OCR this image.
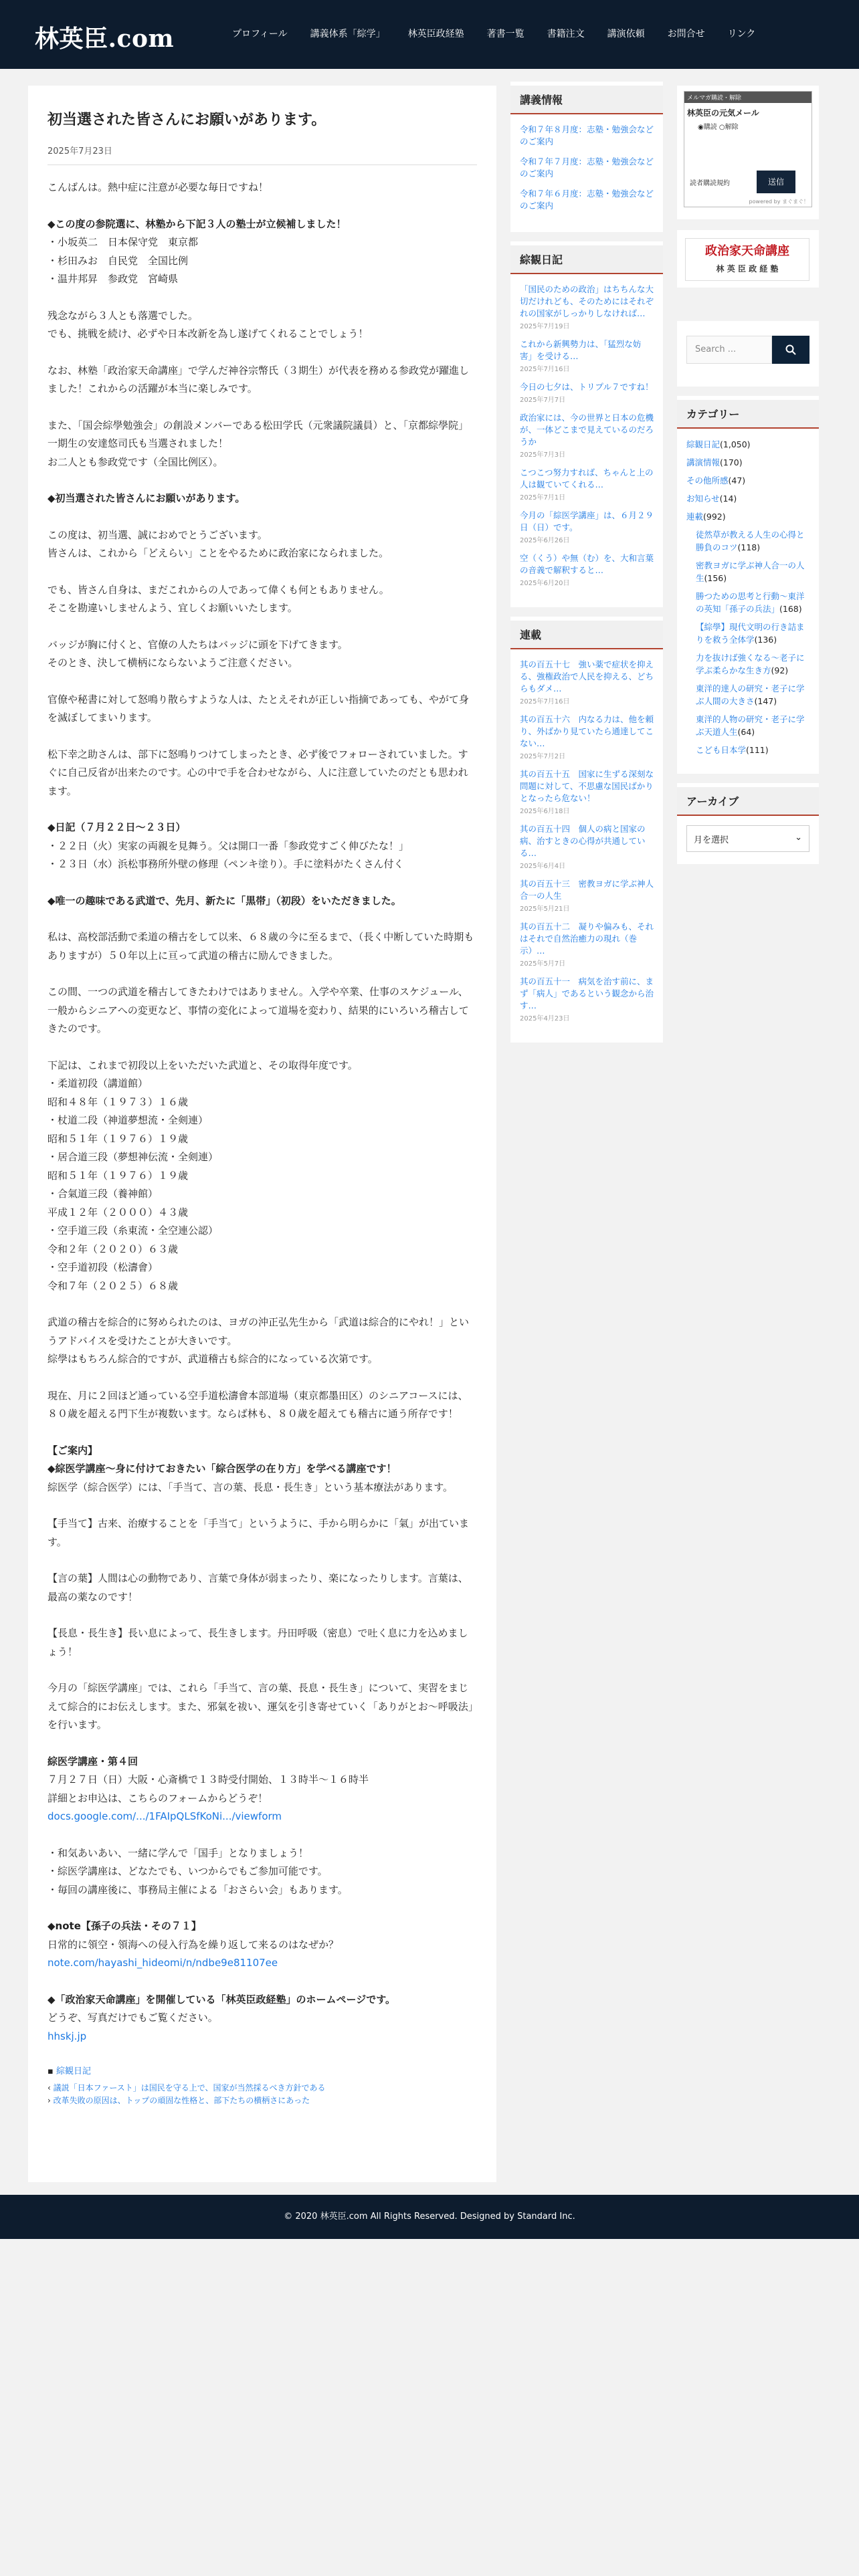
林英臣.com	プロフィール	講義体系「綜学」	林英臣政経塾	著書一覧	書籍注文	講演依頼	お問合せ	リンク
初当選された皆さんにお願いがあります。
2025年7月23日

こんばんは。熱中症に注意が必要な毎日ですね！

◆この度の参院選に、林塾から下記３人の塾士が立候補しました！
・小坂英二　日本保守党　東京都
・杉田みお　自民党　全国比例
・温井邦昇　参政党　宮崎県

残念ながら３人とも落選でした。
でも、挑戦を続け、必ずや日本改新を為し遂げてくれることでしょう！

なお、林塾「政治家天命講座」で学んだ神谷宗幣氏（３期生）が代表を務める参政党が躍進しました！これからの活躍が本当に楽しみです。

また、「国会綜學勉強会」の創設メンバーである松田学氏（元衆議院議員）と、「京都綜學院」一期生の安達悠司氏も当選されました！
お二人とも参政党です（全国比例区）。

◆初当選された皆さんにお願いがあります。

この度は、初当選、誠におめでとうございます。
皆さんは、これから「どえらい」ことをやるために政治家になられました。

でも、皆さん自身は、まだこれからの人であって偉くも何ともありません。
そこを勘違いしませんよう、宜しくお願いいたします。

バッジが胸に付くと、官僚の人たちはバッジに頭を下げてきます。
そのとき、決して横柄にならないようご注意ください。

官僚や秘書に対して怒鳴り散らすような人は、たとえそれが正しい指摘であっても、やがて身を滅ぼしてまいります。

松下幸之助さんは、部下に怒鳴りつけてしまったとき、必ず後でフォローされていました。すぐに自己反省が出来たのです。心の中で手を合わせながら、人に注意していたのだとも思われます。

◆日記（７月２２日〜２３日）
・２２日（火）実家の両親を見舞う。父は開口一番「参政党すごく伸びたな！」
・２３日（水）浜松事務所外壁の修理（ペンキ塗り）。手に塗料がたくさん付く

◆唯一の趣味である武道で、先月、新たに「黒帯」（初段）をいただきました。

私は、高校部活動で柔道の稽古をして以来、６８歳の今に至るまで、（長く中断していた時期もありますが）５０年以上に亘って武道の稽古に励んできました。

この間、一つの武道を稽古してきたわけではありません。入学や卒業、仕事のスケジュール、一般からシニアへの変更など、事情の変化によって道場を変わり、結果的にいろいろ稽古してきたのです。

下記は、これまで初段以上をいただいた武道と、その取得年度です。
・柔道初段（講道館）
昭和４８年（１９７３）１６歳
・杖道二段（神道夢想流・全剣連）
昭和５１年（１９７６）１９歳
・居合道三段（夢想神伝流・全剣連）
昭和５１年（１９７６）１９歳
・合氣道三段（養神館）
平成１２年（２０００）４３歳
・空手道三段（糸東流・全空連公認）
令和２年（２０２０）６３歳
・空手道初段（松濤會）
令和７年（２０２５）６８歳

武道の稽古を綜合的に努められたのは、ヨガの沖正弘先生から「武道は綜合的にやれ！」というアドバイスを受けたことが大きいです。
綜學はもちろん綜合的ですが、武道稽古も綜合的になっている次第です。

現在、月に２回ほど通っている空手道松濤會本部道場（東京都墨田区）のシニアコースには、８０歳を超える門下生が複数います。ならば林も、８０歳を超えても稽古に通う所存です！

【ご案内】
◆綜医学講座〜身に付けておきたい「綜合医学の在り方」を学べる講座です！
綜医学（綜合医学）には、「手当て、言の葉、長息・長生き」という基本療法があります。

【手当て】古来、治療することを「手当て」というように、手から明らかに「氣」が出ています。

【言の葉】人間は心の動物であり、言葉で身体が弱まったり、楽になったりします。言葉は、最高の薬なのです！

【長息・長生き】長い息によって、長生きします。丹田呼吸（密息）で吐く息に力を込めましょう！

今月の「綜医学講座」では、これら「手当て、言の葉、長息・長生き」について、実習をまじえて綜合的にお伝えします。また、邪氣を祓い、運気を引き寄せていく「ありがとお〜呼吸法」を行います。

綜医学講座・第４回
７月２７日（日）大阪・心斎橋で１３時受付開始、１３時半〜１６時半
詳細とお申込は、こちらのフォームからどうぞ！
docs.google.com/.../1FAIpQLSfKoNi.../viewform

・和気あいあい、一緒に学んで「国手」となりましょう！
・綜医学講座は、どなたでも、いつからでもご参加可能です。
・毎回の講座後に、事務局主催による「おさらい会」もあります。

◆note【孫子の兵法・その７１】
日常的に領空・領海への侵入行為を繰り返して来るのはなぜか？
note.com/hayashi_hideomi/n/ndbe9e81107ee

◆「政治家天命講座」を開催している「林英臣政経塾」のホームページです。
どうぞ、写真だけでもご覧ください。
hhskj.jp

▪ 綜観日記
‹ 議説「日本ファースト」は国民を守る上で、国家が当然採るべき方針である
› 改革失敗の原因は、トップの頑固な性格と、部下たちの横柄さにあった
講義情報
令和７年８月度：志塾・勉強会などのご案内
令和７年７月度：志塾・勉強会などのご案内
令和７年６月度：志塾・勉強会などのご案内
綜観日記
「国民のための政治」はちちんな大切だけれども、そのためにはそれぞれの国家がしっかりしなければ…
2025年7月19日
これから新興勢力は、「猛烈な妨害」を受ける…
2025年7月16日
今日の七夕は、トリプル７ですね！
2025年7月7日
政治家には、今の世界と日本の危機が、一体どこまで見えているのだろうか
2025年7月3日
こつこつ努力すれば、ちゃんと上の人は観ていてくれる…
2025年7月1日
今月の「綜医学講座」は、６月２９日（日）です。
2025年6月26日
空（くう）や無（む）を、大和言葉の音義で解釈すると…
2025年6月20日
連載
其の百五十七　強い薬で症状を抑える、強権政治で人民を抑える、どちらもダメ…
2025年7月16日
其の百五十六　内なる力は、他を頼り、外ばかり見ていたら通達してこない…
2025年7月2日
其の百五十五　国家に生ずる深刻な問題に対して、不思慮な国民ばかりとなったら危ない！
2025年6月18日
其の百五十四　個人の病と国家の病、治すときの心得が共通している…
2025年6月4日
其の百五十三　密教ヨガに学ぶ神人合一の人生
2025年5月21日
其の百五十二　凝りや偏みも、それはそれで自然治癒力の現れ（巻示）…
2025年5月7日
其の百五十一　病気を治す前に、まず「病人」であるという観念から治す…
2025年4月23日
メルマガ購読・解除
林英臣の元気メール
◉購読 ○解除
読者購読規約	送信
powered by まぐまぐ！
政治家天命講座
林 英 臣 政 経 塾
Search ...
カテゴリー
綜観日記(1,050)
講演情報(170)
その他所感(47)
お知らせ(14)
連載(992)
徒然草が教える人生の心得と勝負のコツ(118)
密教ヨガに学ぶ神人合一の人生(156)
勝つための思考と行動〜東洋の英知「孫子の兵法」(168)
【綜學】現代文明の行き詰まりを救う全体学(136)
力を抜けば強くなる〜老子に学ぶ柔らかな生き方(92)
東洋的達人の研究・老子に学ぶ人間の大きさ(147)
東洋的人物の研究・老子に学ぶ天道人生(64)
こども日本学(111)
アーカイブ
月を選択	⌄
© 2020 林英臣.com All Rights Reserved. Designed by Standard Inc.
